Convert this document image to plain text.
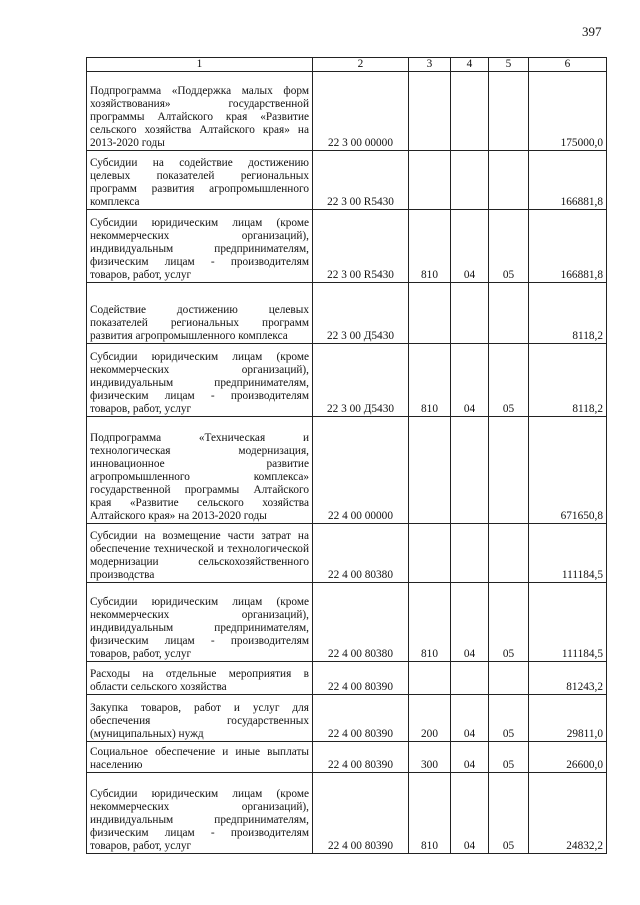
397
1	2	3	4	5	6
Подпрограмма «Поддержка малых форм хозяйствования» государственной программы Алтайского края «Развитие сельского хозяйства Алтайского края» на 2013-2020 годы	22 3 00 00000				175000,0
Субсидии на содействие достижению целевых показателей региональных программ развития агропромышленного комплекса	22 3 00 R5430				166881,8
Субсидии юридическим лицам (кроме некоммерческих организаций), индивидуальным предпринимателям, физическим лицам - производителям товаров, работ, услуг	22 3 00 R5430	810	04	05	166881,8
Содействие достижению целевых показателей региональных программ развития агропромышленного комплекса	22 3 00 Д5430				8118,2
Субсидии юридическим лицам (кроме некоммерческих организаций), индивидуальным предпринимателям, физическим лицам - производителям товаров, работ, услуг	22 3 00 Д5430	810	04	05	8118,2
Подпрограмма «Техническая и технологическая модернизация, инновационное развитие агропромышленного комплекса» государственной программы Алтайского края «Развитие сельского хозяйства Алтайского края» на 2013-2020 годы	22 4 00 00000				671650,8
Субсидии на возмещение части затрат на обеспечение технической и технологической модернизации сельскохозяйственного производства	22 4 00 80380				111184,5
Субсидии юридическим лицам (кроме некоммерческих организаций), индивидуальным предпринимателям, физическим лицам - производителям товаров, работ, услуг	22 4 00 80380	810	04	05	111184,5
Расходы на отдельные мероприятия в области сельского хозяйства	22 4 00 80390				81243,2
Закупка товаров, работ и услуг для обеспечения государственных (муниципальных) нужд	22 4 00 80390	200	04	05	29811,0
Социальное обеспечение и иные выплаты населению	22 4 00 80390	300	04	05	26600,0
Субсидии юридическим лицам (кроме некоммерческих организаций), индивидуальным предпринимателям, физическим лицам - производителям товаров, работ, услуг	22 4 00 80390	810	04	05	24832,2
